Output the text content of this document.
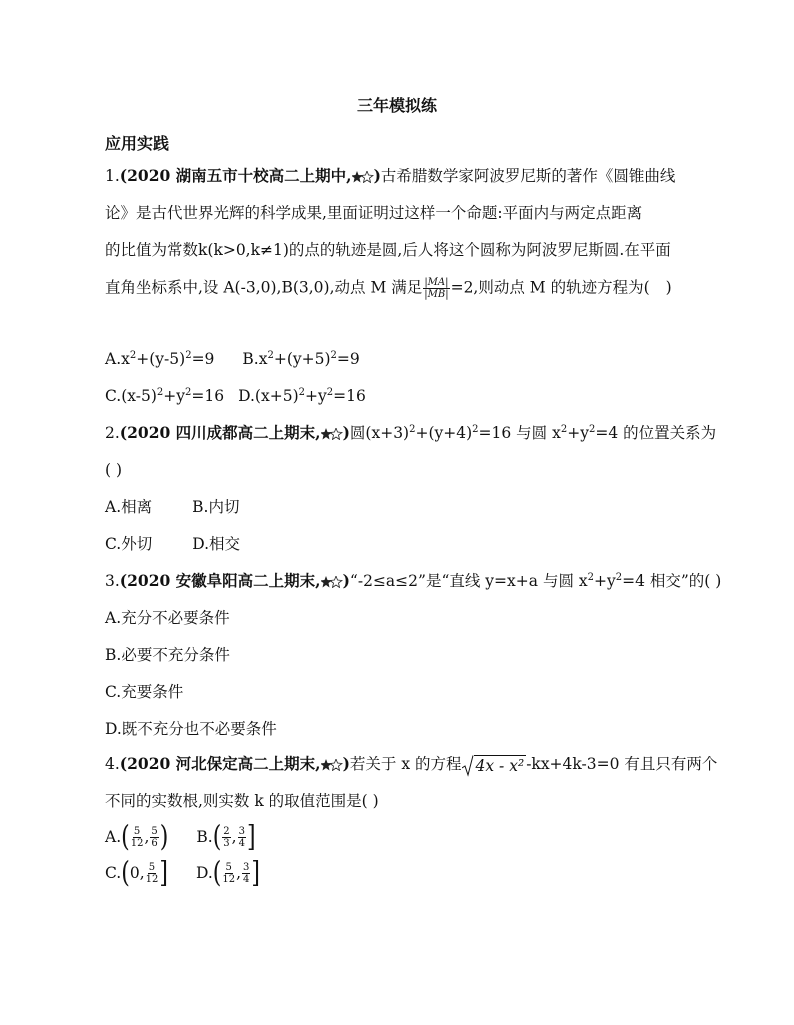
三年模拟练
应用实践
1.(2020 湖南五市十校高二上期中, )古希腊数学家阿波罗尼斯的著作《圆锥曲线
论》是古代世界光辉的科学成果,里面证明过这样一个命题:平面内与两定点距离
的比值为常数k(k>0,k≠1)的点的轨迹是圆,后人将这个圆称为阿波罗尼斯圆.在平面
直角坐标系中,设 A(-3,0),B(3,0),动点 M 满足 $\frac{|MA|}{|MB|} =2$,则动点 M 的轨迹方程为( )
$A.x^2+(y-5)^2=9$ $B.x^2+(y+5)^2=9$
$C.(x-5)^2+y^2=16$ $D.(x+5)^2+y^2=16$
2.(2020 四川成都高二上期末, )圆$(x+3)^2+(y+4)^2=16$ 与圆 $x^2+y^2=4$ 的位置关系为
( )
A.相离	B.内切
C.外切	D.相交
3.(2020 安徽阜阳高二上期末, )“-2≤a≤2”是“直线 y=x+a 与圆 $x^2+y^2=4$ 相交”的( )
A.充分不必要条件
B.必要不充分条件
C.充要条件
D.既不充分也不必要条件
4.(2020 河北保定高二上期末, )若关于 x 的方程 4x - x² -kx+4k-3=0 有且只有两个
不同的实数根,则实数 k 的取值范围是( )
$A.( \frac{5}{12}$ , $\frac{5}{6}$ ) $B.( \frac{2}{3}$ , $\frac{3}{4}$ ]
C.(0, $\frac{5}{12}$ ] $D.( \frac{5}{12}$ , $\frac{3}{4}$ ]
